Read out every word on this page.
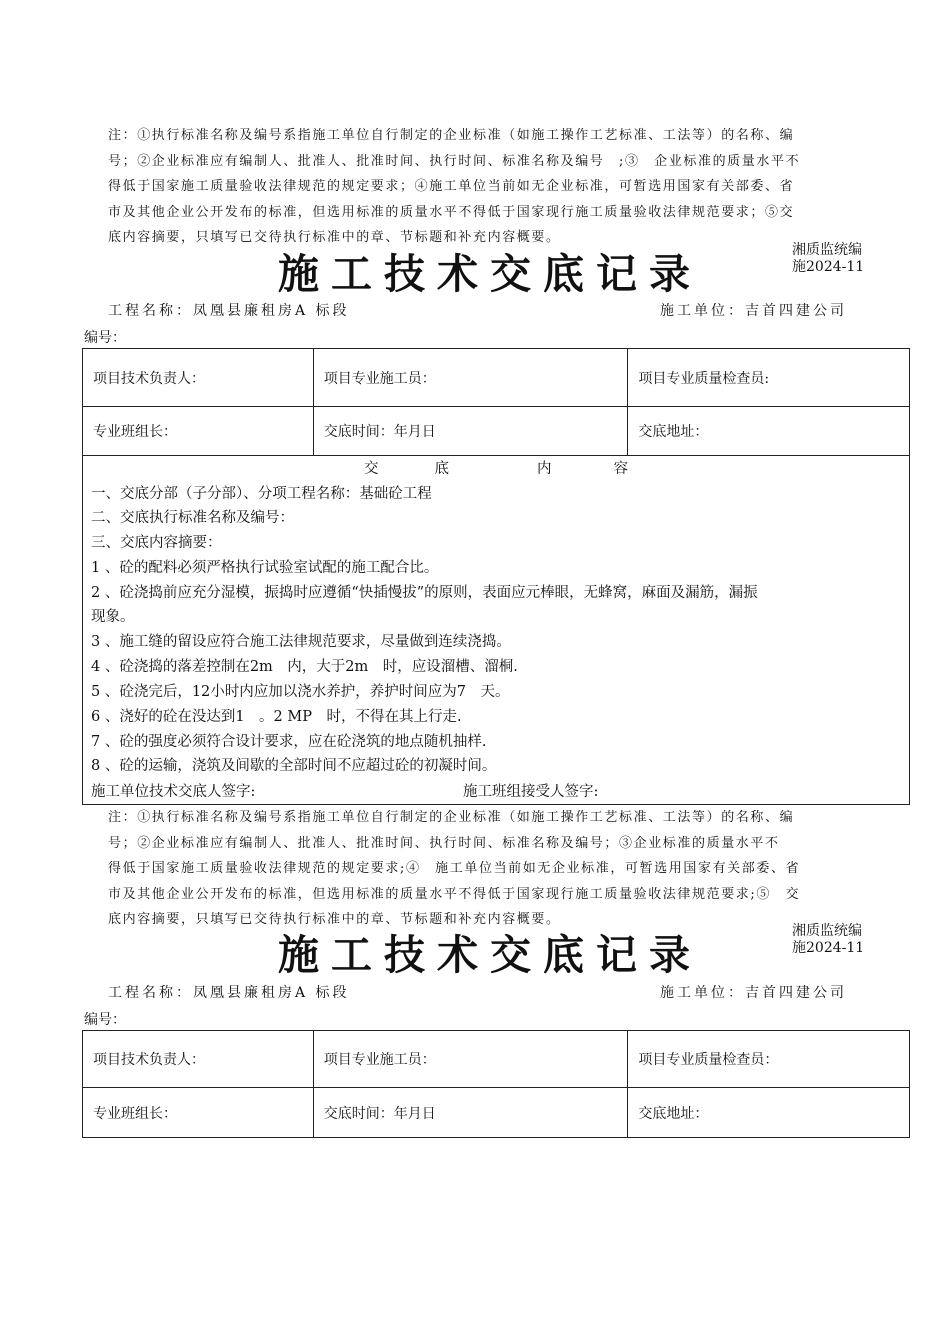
注：①执行标准名称及编号系指施工单位自行制定的企业标准（如施工操作工艺标准、工法等）的名称、编
号；②企业标准应有编制人、批准人、批准时间、执行时间、标准名称及编号　;③　企业标准的质量水平不
得低于国家施工质量验收法律规范的规定要求；④施工单位当前如无企业标准，可暂选用国家有关部委、省
市及其他企业公开发布的标准，但选用标准的质量水平不得低于国家现行施工质量验收法律规范要求；⑤交
底内容摘要，只填写已交待执行标准中的章、节标题和补充内容概要。
湘质监统编
施2024-11
施工技术交底记录
工程名称：凤凰县廉租房A 标段	施工单位：吉首四建公司
编号：
项目技术负责人：	项目专业施工员：	项目专业质量检查员:
专业班组长：	交底时间：年月日	交底地址：
交	底	内	容
一、交底分部（子分部）、分项工程名称：基础砼工程
二、交底执行标准名称及编号：
三、交底内容摘要：
1 、砼的配料必须严格执行试验室试配的施工配合比。
2 、砼浇捣前应充分湿模，振捣时应遵循“快插慢拔”的原则，表面应元棒眼，无蜂窝，麻面及漏筋，漏振
现象。
3 、施工缝的留设应符合施工法律规范要求，尽量做到连续浇捣。
4 、砼浇捣的落差控制在2m　内，大于2m　时，应设溜槽、溜桐.
5 、砼浇完后，12小时内应加以浇水养护，养护时间应为7　天。
6 、浇好的砼在没达到1　。2 MP　时，不得在其上行走.
7 、砼的强度必须符合设计要求，应在砼浇筑的地点随机抽样.
8 、砼的运输，浇筑及间歇的全部时间不应超过砼的初凝时间。
施工单位技术交底人签字:	施工班组接受人签字:
注：①执行标准名称及编号系指施工单位自行制定的企业标准（如施工操作工艺标准、工法等）的名称、编
号；②企业标准应有编制人、批准人、批准时间、执行时间、标准名称及编号；③企业标准的质量水平不
得低于国家施工质量验收法律规范的规定要求;④　施工单位当前如无企业标准，可暂选用国家有关部委、省
市及其他企业公开发布的标准，但选用标准的质量水平不得低于国家现行施工质量验收法律规范要求;⑤　交
底内容摘要，只填写已交待执行标准中的章、节标题和补充内容概要。
湘质监统编
施2024-11
施工技术交底记录
工程名称：凤凰县廉租房A 标段	施工单位：吉首四建公司
编号：
项目技术负责人：	项目专业施工员：	项目专业质量检查员：
专业班组长：	交底时间：年月日	交底地址：
